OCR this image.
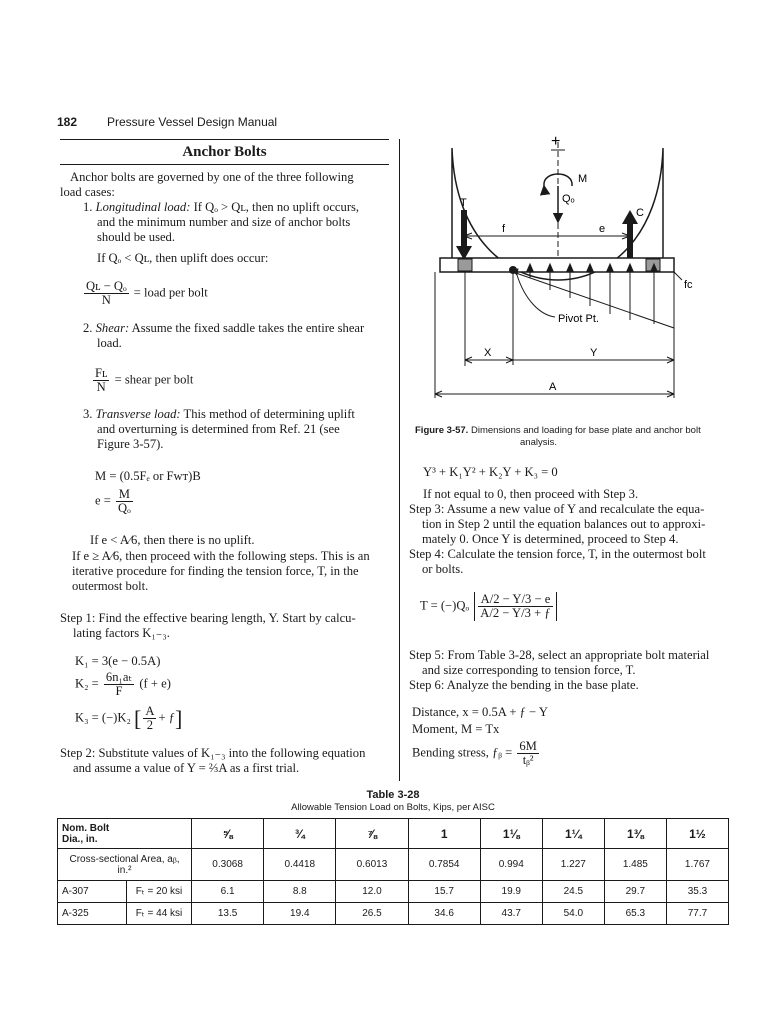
182 Pressure Vessel Design Manual
Anchor Bolts
Anchor bolts are governed by one of the three following
load cases:
1. Longitudinal load: If Qₒ > Qʟ, then no uplift occurs,
and the minimum number and size of anchor bolts
should be used.
If Qₒ < Qʟ, then uplift does occur:
$\frac{\text{Qʟ − Qₒ}}{N}$ = load per bolt
2. Shear: Assume the fixed saddle takes the entire shear
load.
$\frac{\text{Fʟ}}{N}$ = shear per bolt
3. Transverse load: This method of determining uplift
and overturning is determined from Ref. 21 (see
Figure 3-57).
M = (0.5Fₑ or Fᴡᴛ)B
$e = \frac{M}{\text{Qₒ}}$
If e < A⁄6, then there is no uplift.
If e ≥ A⁄6, then proceed with the following steps. This is an
iterative procedure for finding the tension force, T, in the
outermost bolt.
Step 1: Find the effective bearing length, Y. Start by calcu-
lating factors K₁₋₃.
K₁ = 3(e − 0.5A)
$K_2 = \frac{\text{6n₁aₜ}}{F} (f + e)$
K₃ = (−)K₂ [ $\frac{A}{2}$ + ƒ]
Step 2: Substitute values of K₁₋₃ into the following equation
and assume a value of Y = ⅔A as a first trial.
+
M
Qₒ
T
C
f	e
fᴄ
Pivot Pt.
X	Y
A
Figure 3-57. Dimensions and loading for base plate and anchor bolt
analysis.
Y³ + K₁Y² + K₂Y + K₃ = 0
If not equal to 0, then proceed with Step 3.
Step 3: Assume a new value of Y and recalculate the equa-
tion in Step 2 until the equation balances out to approxi-
mately 0. Once Y is determined, proceed to Step 4.
Step 4: Calculate the tension force, T, in the outermost bolt
or bolts.
$T = (-)Q_o \frac{A/2 - Y/3 - e}{A/2 - Y/3 + ƒ}$
Step 5: From Table 3-28, select an appropriate bolt material
and size corresponding to tension force, T.
Step 6: Analyze the bending in the base plate.
Distance, x = 0.5A + ƒ − Y
Moment, M = Tx
Bending stress, ƒᵦ = $\frac{6M}{\text{tᵦ²}}$
Table 3-28
Allowable Tension Load on Bolts, Kips, per AISC
Nom. Bolt
Dia., in.		⅝	¾	⅞	1	1⅛	1¼	1⅜	1½

Cross-sectional Area, aᵦ,
in.²		0.3068	0.4418	0.6013	0.7854	0.994	1.227	1.485	1.767
A-307	Fₜ = 20 ksi	6.1	8.8	12.0	15.7	19.9	24.5	29.7	35.3
A-325	Fₜ = 44 ksi	13.5	19.4	26.5	34.6	43.7	54.0	65.3	77.7
